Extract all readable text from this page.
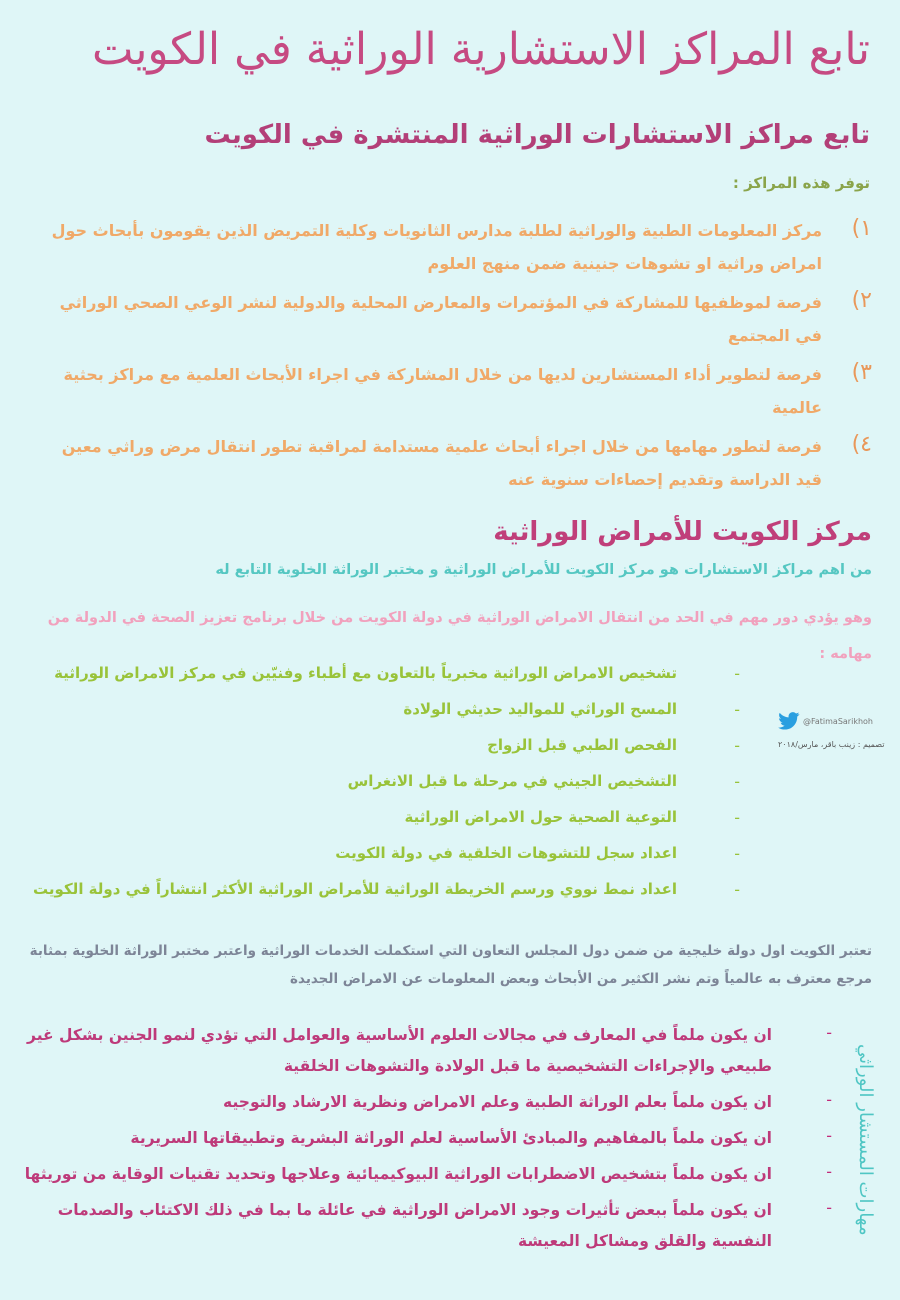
تابع المراكز الاستشارية الوراثية في الكويت
تابع مراكز الاستشارات الوراثية المنتشرة في الكويت
توفر هذه المراكز :
١)
مركز المعلومات الطبية والوراثية لطلبة مدارس الثانويات وكلية التمريض الذين يقومون بأبحاث حول امراض وراثية او تشوهات جنينية ضمن منهج العلوم
٢)
فرصة لموظفيها للمشاركة في المؤتمرات والمعارض المحلية والدولية لنشر الوعي الصحي الوراثي في المجتمع
٣)
فرصة لتطوير أداء المستشارين لديها من خلال المشاركة في اجراء الأبحاث العلمية مع مراكز بحثية عالمية
٤)
فرصة لتطور مهامها من خلال اجراء أبحاث علمية مستدامة لمراقبة تطور انتقال مرض وراثي معين قيد الدراسة وتقديم إحصاءات سنوية عنه
مركز الكويت للأمراض الوراثية
من اهم مراكز الاستشارات هو مركز الكويت للأمراض الوراثية و مختبر الوراثة الخلوية التابع له
وهو يؤدي دور مهم في الحد من انتقال الامراض الوراثية في دولة الكويت من خلال برنامج تعزيز الصحة في الدولة من مهامه :
-
تشخيص الامراض الوراثية مخبرياً بالتعاون مع أطباء وفنيّين في مركز الامراض الوراثية
-
المسح الوراثي للمواليد حديثي الولادة
-
الفحص الطبي قبل الزواج
-
التشخيص الجيني في مرحلة ما قبل الانغراس
-
التوعية الصحية حول الامراض الوراثية
-
اعداد سجل للتشوهات الخلقية في دولة الكويت
-
اعداد نمط نووي ورسم الخريطة الوراثية للأمراض الوراثية الأكثر انتشاراً في دولة الكويت
@FatimaSarikhoh
تصميم : زينب باقر، مارس/٢٠١٨
تعتبر الكويت اول دولة خليجية من ضمن دول المجلس التعاون التي استكملت الخدمات الوراثية واعتبر مختبر الوراثة الخلوية بمثابة مرجع معترف به عالمياً وتم نشر الكثير من الأبحاث وبعض المعلومات عن الامراض الجديدة
-
ان يكون ملماً في المعارف في مجالات العلوم الأساسية والعوامل التي تؤدي لنمو الجنين بشكل غير طبيعي والإجراءات التشخيصية ما قبل الولادة والتشوهات الخلقية
-
ان يكون ملماً بعلم الوراثة الطبية وعلم الامراض ونظرية الارشاد والتوجيه
-
ان يكون ملماً بالمفاهيم والمبادئ الأساسية لعلم الوراثة البشرية وتطبيقاتها السريرية
-
ان يكون ملماً بتشخيص الاضطرابات الوراثية البيوكيميائية وعلاجها وتحديد تقنيات الوقاية من توريثها
-
ان يكون ملماً ببعض تأثيرات وجود الامراض الوراثية في عائلة ما بما في ذلك الاكتئاب والصدمات النفسية والقلق ومشاكل المعيشة
مهارات المستشار الوراثي
